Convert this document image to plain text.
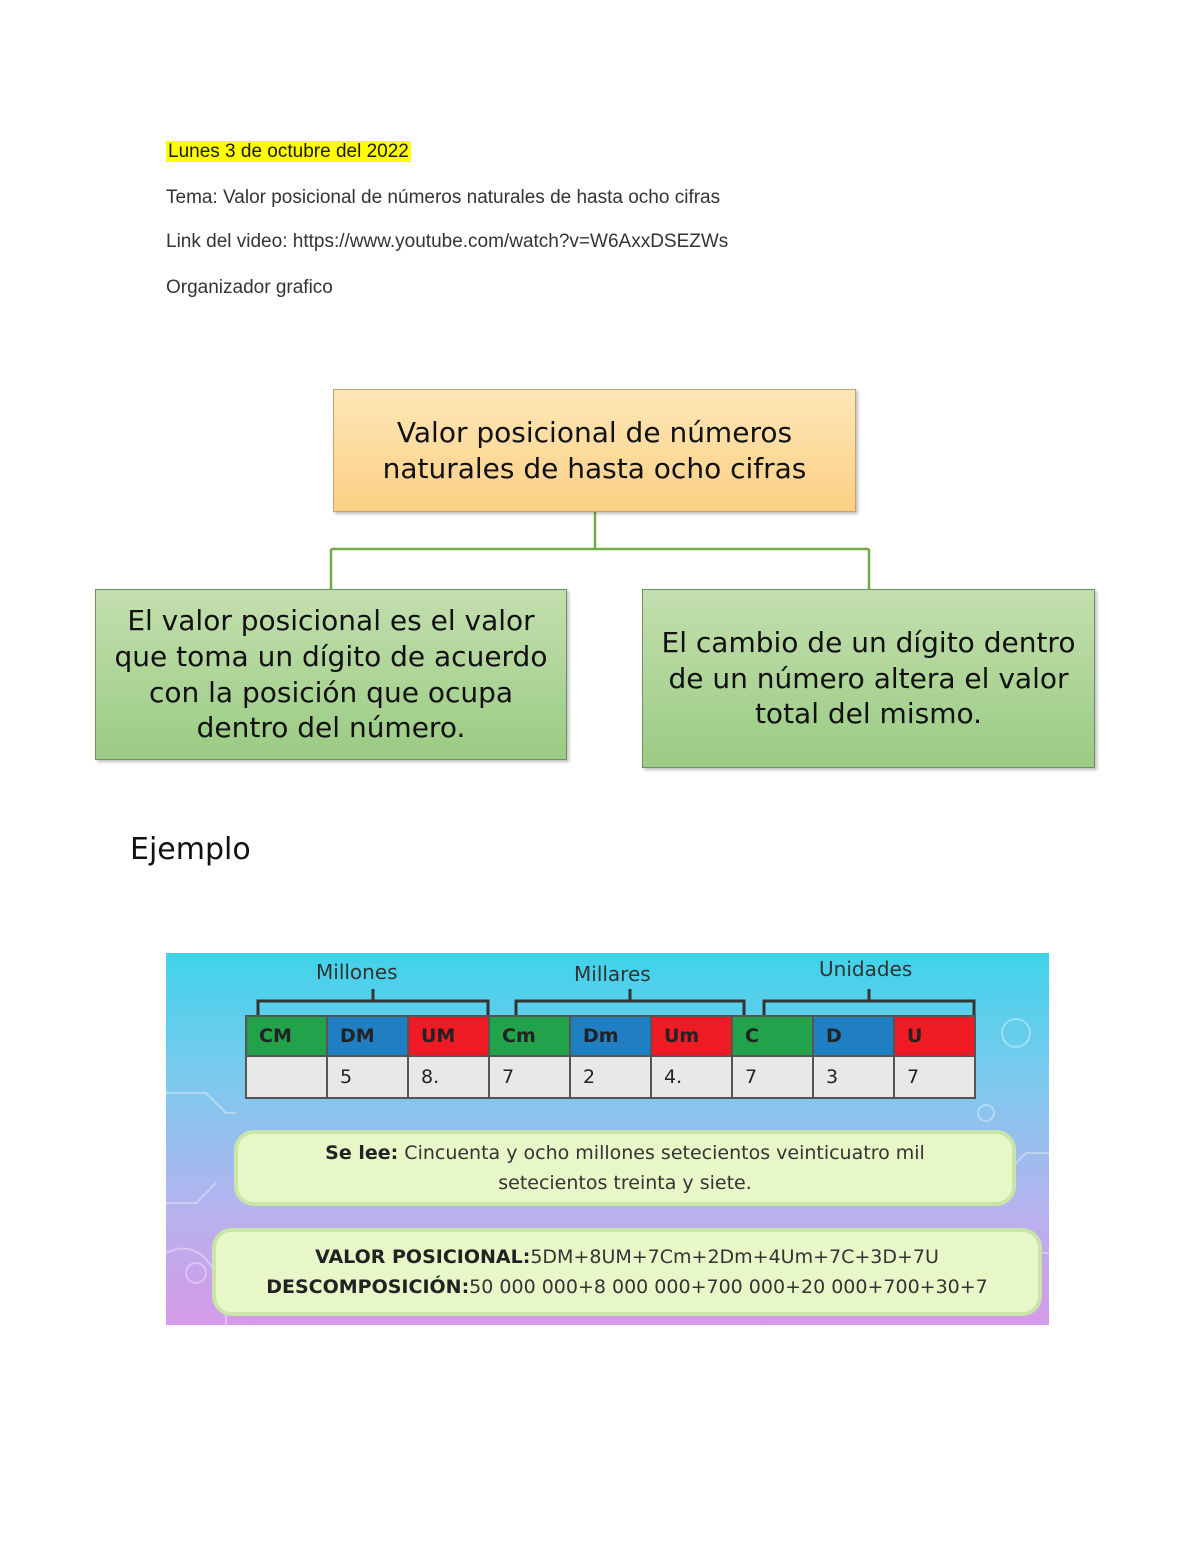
Lunes 3 de octubre del 2022
Tema: Valor posicional de números naturales de hasta ocho cifras
Link del video: https://www.youtube.com/watch?v=W6AxxDSEZWs
Organizador grafico
Valor posicional de números
naturales de hasta ocho cifras
El valor posicional es el valor
que toma un dígito de acuerdo
con la posición que ocupa
dentro del número.
El cambio de un dígito dentro
de un número altera el valor
total del mismo.
Ejemplo
Millones	Millares	Unidades
CM	DM	UM	Cm	Dm	Um	C	D	U
	5	8.	7	2	4.	7	3	7
Se lee: Cincuenta y ocho millones setecientos veinticuatro mil
setecientos treinta y siete.
VALOR POSICIONAL:5DM+8UM+7Cm+2Dm+4Um+7C+3D+7U
DESCOMPOSICIÓN:50 000 000+8 000 000+700 000+20 000+700+30+7
